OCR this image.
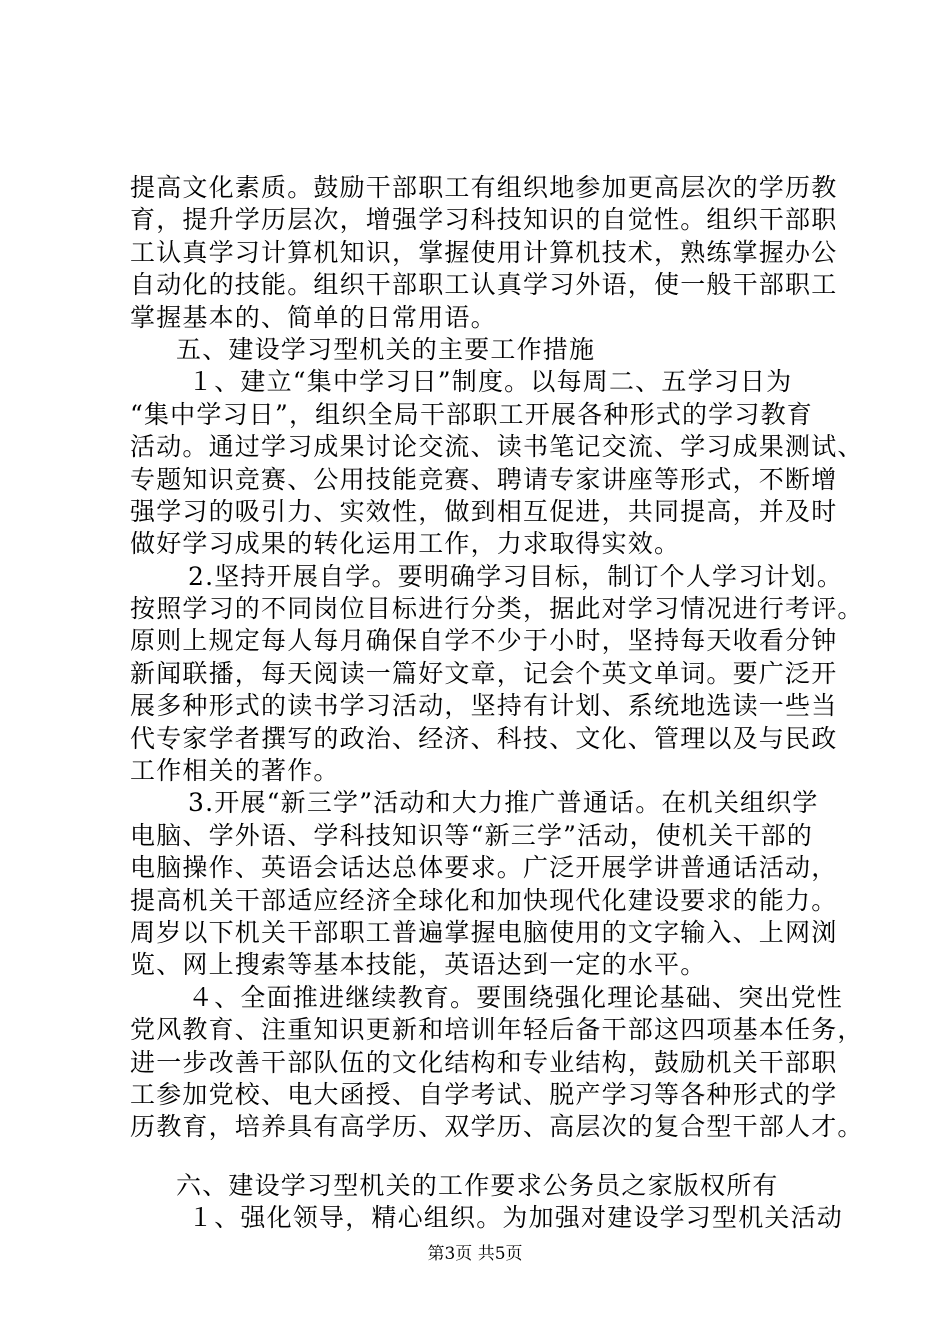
提高文化素质。鼓励干部职工有组织地参加更高层次的学历教
育，提升学历层次，增强学习科技知识的自觉性。组织干部职
工认真学习计算机知识，掌握使用计算机技术，熟练掌握办公
自动化的技能。组织干部职工认真学习外语，使一般干部职工
掌握基本的、简单的日常用语。
五、建设学习型机关的主要工作措施
１、建立“集中学习日”制度。以每周二、五学习日为
“集中学习日”，组织全局干部职工开展各种形式的学习教育
活动。通过学习成果讨论交流、读书笔记交流、学习成果测试、
专题知识竞赛、公用技能竞赛、聘请专家讲座等形式，不断增
强学习的吸引力、实效性，做到相互促进，共同提高，并及时
做好学习成果的转化运用工作，力求取得实效。
2.坚持开展自学。要明确学习目标，制订个人学习计划。
按照学习的不同岗位目标进行分类，据此对学习情况进行考评。
原则上规定每人每月确保自学不少于小时，坚持每天收看分钟
新闻联播，每天阅读一篇好文章，记会个英文单词。要广泛开
展多种形式的读书学习活动，坚持有计划、系统地选读一些当
代专家学者撰写的政治、经济、科技、文化、管理以及与民政
工作相关的著作。
3.开展“新三学”活动和大力推广普通话。在机关组织学
电脑、学外语、学科技知识等“新三学”活动，使机关干部的
电脑操作、英语会话达总体要求。广泛开展学讲普通话活动，
提高机关干部适应经济全球化和加快现代化建设要求的能力。
周岁以下机关干部职工普遍掌握电脑使用的文字输入、上网浏
览、网上搜索等基本技能，英语达到一定的水平。
４、全面推进继续教育。要围绕强化理论基础、突出党性
党风教育、注重知识更新和培训年轻后备干部这四项基本任务，
进一步改善干部队伍的文化结构和专业结构，鼓励机关干部职
工参加党校、电大函授、自学考试、脱产学习等各种形式的学
历教育，培养具有高学历、双学历、高层次的复合型干部人才。
六、建设学习型机关的工作要求公务员之家版权所有
１、强化领导，精心组织。为加强对建设学习型机关活动
第3页 共5页
